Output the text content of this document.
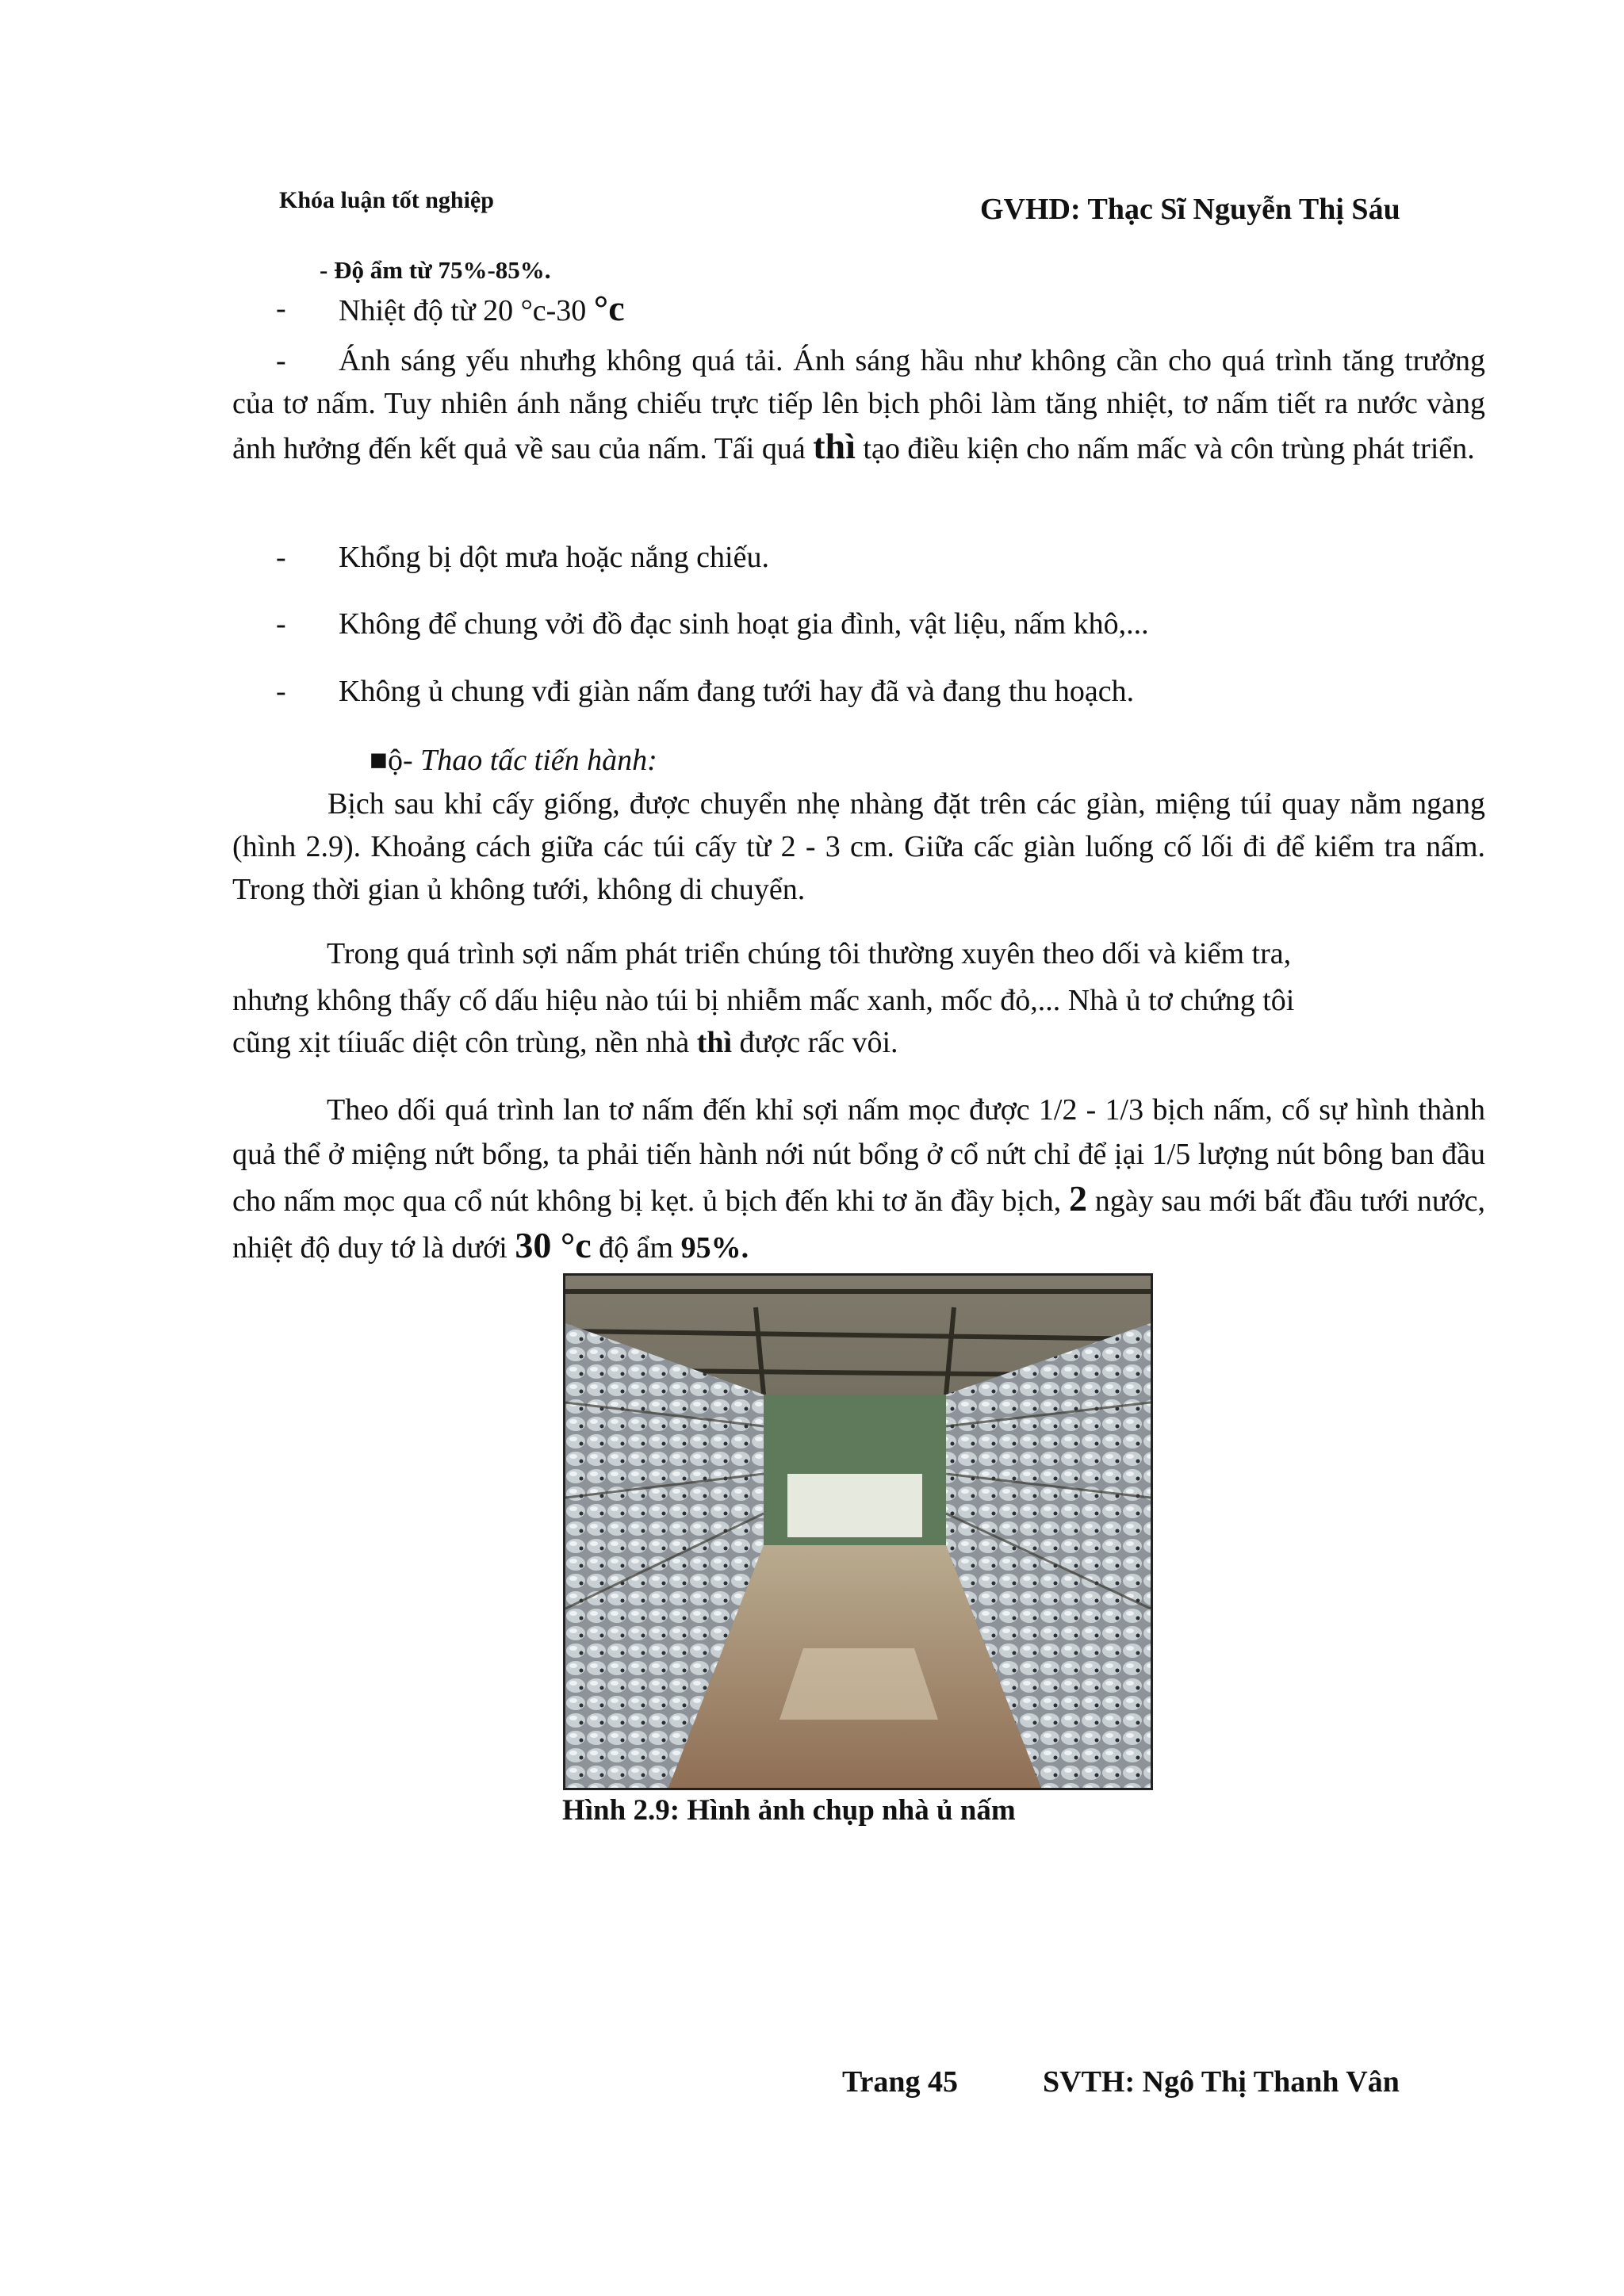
Khóa luận tốt nghiệp	GVHD: Thạc Sĩ Nguyễn Thị Sáu
- Độ ẩm từ 75%-85%.
- Nhiệt độ từ 20 °c-30 °c
-	Ánh sáng yếu nhưhg không quá tải. Ánh sáng hầu như không cần cho quá trình tăng trưởng của tơ nấm. Tuy nhiên ánh nắng chiếu trực tiếp lên bịch phôi làm tăng nhiệt, tơ nấm tiết ra nước vàng ảnh hưởng đến kết quả về sau của nấm. Tấi quá thì tạo điều kiện cho nấm mấc và côn trùng phát triển.
- Khổng bị dột mưa hoặc nắng chiếu.
- Không để chung vởi đồ đạc sinh hoạt gia đình, vật liệu, nấm khô,...
- Không ủ chung vđi giàn nấm đang tưới hay đã và đang thu hoạch.
■ộ- Thao tấc tiến hành:
Bịch sau khỉ cấy giống, được chuyển nhẹ nhàng đặt trên các gỉàn, miệng túỉ quay nằm ngang (hình 2.9). Khoảng cách giữa các túi cấy từ 2 - 3 cm. Giữa cấc giàn luống cố lối đi để kiểm tra nấm. Trong thời gian ủ không tưới, không di chuyển.
Trong quá trình sợi nấm phát triển chúng tôi thường xuyên theo dối và kiểm tra,
nhưng không thấy cố dấu hiệu nào túi bị nhiễm mấc xanh, mốc đỏ,... Nhà ủ tơ chứng tôi
cũng xịt tíiuấc diệt côn trùng, nền nhà thì được rấc vôi.
Theo dối quá trình lan tơ nấm đến khỉ sợi nấm mọc được 1/2 - 1/3 bịch nấm, cố sự hình thành quả thể ở miệng nứt bổng, ta phải tiến hành nới nút bổng ở cổ nứt chỉ để ịại 1/5 lượng nút bông ban đầu cho nấm mọc qua cổ nút không bị kẹt. ủ bịch đến khi tơ ăn đầy bịch, 2 ngày sau mới bất đầu tưới nước, nhiệt độ duy tớ là dưới 30 °c độ ẩm 95%.
Hình 2.9: Hình ảnh chụp nhà ủ nấm
Trang 45	SVTH: Ngô Thị Thanh Vân
